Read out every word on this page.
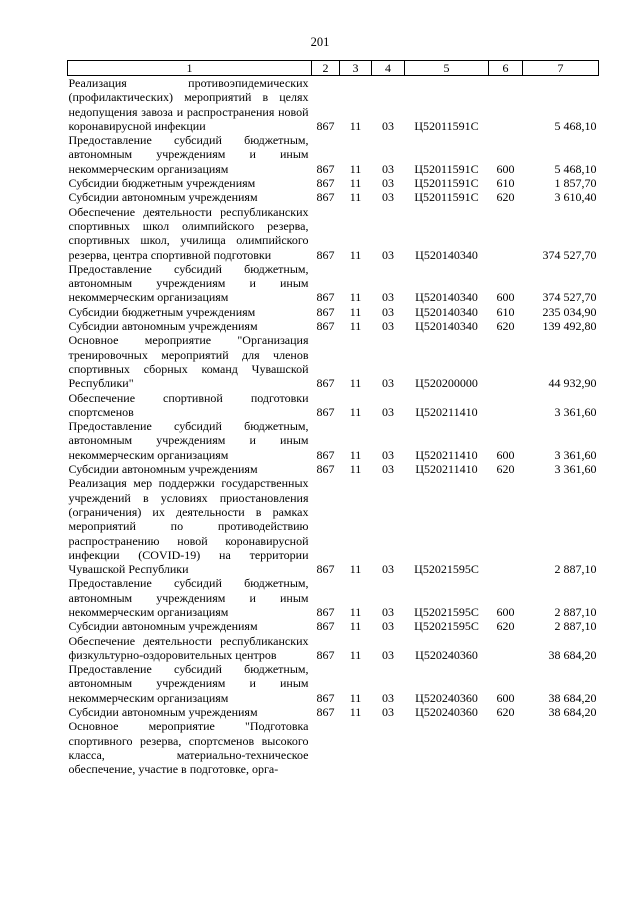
201
1	2	3	4	5	6	7
Реализация противоэпидемических (профилактических) мероприятий в целях недопущения завоза и распространения новой коронавирусной инфекции	867	11	03	Ц52011591С		5 468,10
Предоставление субсидий бюджетным, автономным учреждениям и иным некоммерческим организациям	867	11	03	Ц52011591С	600	5 468,10
Субсидии бюджетным учреждениям	867	11	03	Ц52011591С	610	1 857,70
Субсидии автономным учреждениям	867	11	03	Ц52011591С	620	3 610,40
Обеспечение деятельности республиканских спортивных школ олимпийского резерва, спортивных школ, училища олимпийского резерва, центра спортивной подготовки	867	11	03	Ц520140340		374 527,70
Предоставление субсидий бюджетным, автономным учреждениям и иным некоммерческим организациям	867	11	03	Ц520140340	600	374 527,70
Субсидии бюджетным учреждениям	867	11	03	Ц520140340	610	235 034,90
Субсидии автономным учреждениям	867	11	03	Ц520140340	620	139 492,80
Основное мероприятие "Организация тренировочных мероприятий для членов спортивных сборных команд Чувашской Республики"	867	11	03	Ц520200000		44 932,90
Обеспечение спортивной подготовки спортсменов	867	11	03	Ц520211410		3 361,60
Предоставление субсидий бюджетным, автономным учреждениям и иным некоммерческим организациям	867	11	03	Ц520211410	600	3 361,60
Субсидии автономным учреждениям	867	11	03	Ц520211410	620	3 361,60
Реализация мер поддержки государственных учреждений в условиях приостановления (ограничения) их деятельности в рамках мероприятий по противодействию распространению новой коронавирусной инфекции (COVID-19) на территории Чувашской Республики	867	11	03	Ц52021595С		2 887,10
Предоставление субсидий бюджетным, автономным учреждениям и иным некоммерческим организациям	867	11	03	Ц52021595С	600	2 887,10
Субсидии автономным учреждениям	867	11	03	Ц52021595С	620	2 887,10
Обеспечение деятельности республиканских физкультурно-оздоровительных центров	867	11	03	Ц520240360		38 684,20
Предоставление субсидий бюджетным, автономным учреждениям и иным некоммерческим организациям	867	11	03	Ц520240360	600	38 684,20
Субсидии автономным учреждениям	867	11	03	Ц520240360	620	38 684,20
Основное мероприятие "Подготовка спортивного резерва, спортсменов высокого класса, материально-техническое обеспечение, участие в подготовке, орга-						
